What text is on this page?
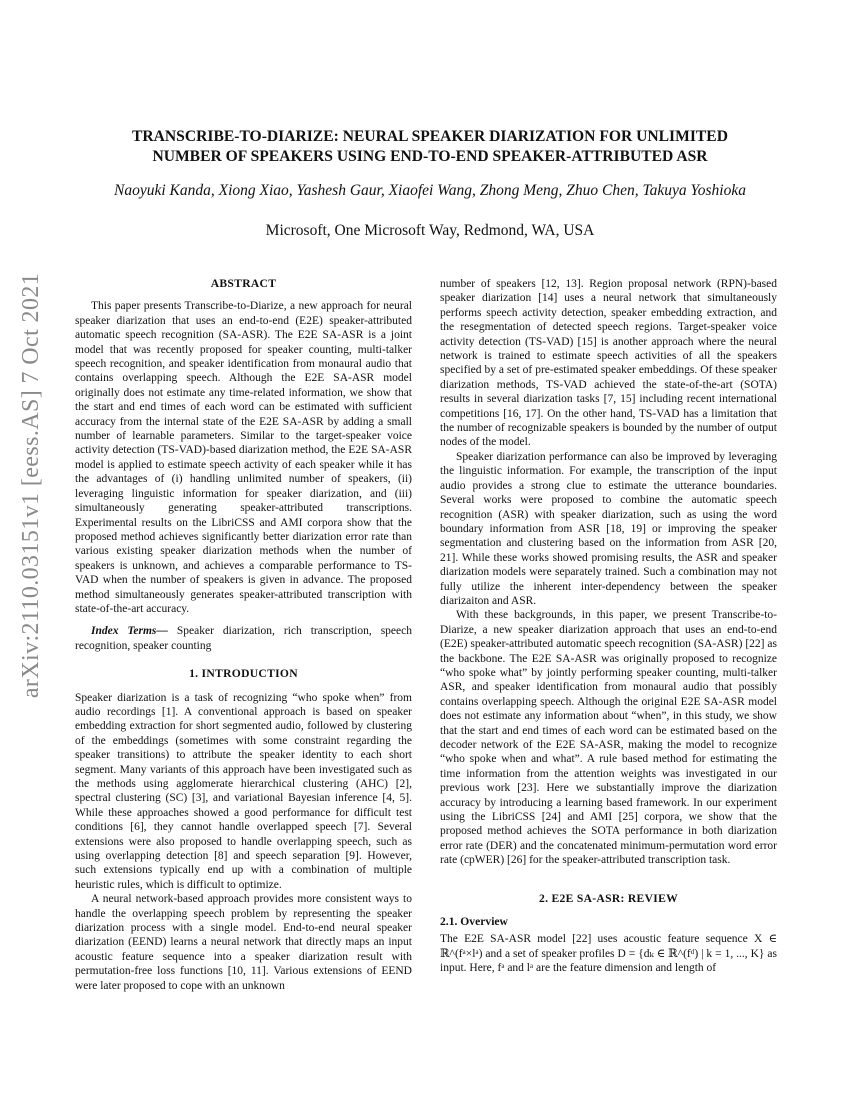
arXiv:2110.03151v1 [eess.AS] 7 Oct 2021
TRANSCRIBE-TO-DIARIZE: NEURAL SPEAKER DIARIZATION FOR UNLIMITED
NUMBER OF SPEAKERS USING END-TO-END SPEAKER-ATTRIBUTED ASR
Naoyuki Kanda, Xiong Xiao, Yashesh Gaur, Xiaofei Wang, Zhong Meng, Zhuo Chen, Takuya Yoshioka
Microsoft, One Microsoft Way, Redmond, WA, USA

ABSTRACT

This paper presents Transcribe-to-Diarize, a new approach for neural speaker diarization that uses an end-to-end (E2E) speaker-attributed automatic speech recognition (SA-ASR). The E2E SA-ASR is a joint model that was recently proposed for speaker counting, multi-talker speech recognition, and speaker identification from monaural audio that contains overlapping speech. Although the E2E SA-ASR model originally does not estimate any time-related information, we show that the start and end times of each word can be estimated with sufficient accuracy from the internal state of the E2E SA-ASR by adding a small number of learnable parameters. Similar to the target-speaker voice activity detection (TS-VAD)-based diarization method, the E2E SA-ASR model is applied to estimate speech activity of each speaker while it has the advantages of (i) handling unlimited number of speakers, (ii) leveraging linguistic information for speaker diarization, and (iii) simultaneously generating speaker-attributed transcriptions. Experimental results on the LibriCSS and AMI corpora show that the proposed method achieves significantly better diarization error rate than various existing speaker diarization methods when the number of speakers is unknown, and achieves a comparable performance to TS-VAD when the number of speakers is given in advance. The proposed method simultaneously generates speaker-attributed transcription with state-of-the-art accuracy.

Index Terms— Speaker diarization, rich transcription, speech recognition, speaker counting

1. INTRODUCTION

Speaker diarization is a task of recognizing “who spoke when” from audio recordings [1]. A conventional approach is based on speaker embedding extraction for short segmented audio, followed by clustering of the embeddings (sometimes with some constraint regarding the speaker transitions) to attribute the speaker identity to each short segment. Many variants of this approach have been investigated such as the methods using agglomerate hierarchical clustering (AHC) [2], spectral clustering (SC) [3], and variational Bayesian inference [4, 5]. While these approaches showed a good performance for difficult test conditions [6], they cannot handle overlapped speech [7]. Several extensions were also proposed to handle overlapping speech, such as using overlapping detection [8] and speech separation [9]. However, such extensions typically end up with a combination of multiple heuristic rules, which is difficult to optimize.

A neural network-based approach provides more consistent ways to handle the overlapping speech problem by representing the speaker diarization process with a single model. End-to-end neural speaker diarization (EEND) learns a neural network that directly maps an input acoustic feature sequence into a speaker diarization result with permutation-free loss functions [10, 11]. Various extensions of EEND were later proposed to cope with an unknown

number of speakers [12, 13]. Region proposal network (RPN)-based speaker diarization [14] uses a neural network that simultaneously performs speech activity detection, speaker embedding extraction, and the resegmentation of detected speech regions. Target-speaker voice activity detection (TS-VAD) [15] is another approach where the neural network is trained to estimate speech activities of all the speakers specified by a set of pre-estimated speaker embeddings. Of these speaker diarization methods, TS-VAD achieved the state-of-the-art (SOTA) results in several diarization tasks [7, 15] including recent international competitions [16, 17]. On the other hand, TS-VAD has a limitation that the number of recognizable speakers is bounded by the number of output nodes of the model.

Speaker diarization performance can also be improved by leveraging the linguistic information. For example, the transcription of the input audio provides a strong clue to estimate the utterance boundaries. Several works were proposed to combine the automatic speech recognition (ASR) with speaker diarization, such as using the word boundary information from ASR [18, 19] or improving the speaker segmentation and clustering based on the information from ASR [20, 21]. While these works showed promising results, the ASR and speaker diarization models were separately trained. Such a combination may not fully utilize the inherent inter-dependency between the speaker diarizaiton and ASR.

With these backgrounds, in this paper, we present Transcribe-to-Diarize, a new speaker diarization approach that uses an end-to-end (E2E) speaker-attributed automatic speech recognition (SA-ASR) [22] as the backbone. The E2E SA-ASR was originally proposed to recognize “who spoke what” by jointly performing speaker counting, multi-talker ASR, and speaker identification from monaural audio that possibly contains overlapping speech. Although the original E2E SA-ASR model does not estimate any information about “when”, in this study, we show that the start and end times of each word can be estimated based on the decoder network of the E2E SA-ASR, making the model to recognize “who spoke when and what”. A rule based method for estimating the time information from the attention weights was investigated in our previous work [23]. Here we substantially improve the diarization accuracy by introducing a learning based framework. In our experiment using the LibriCSS [24] and AMI [25] corpora, we show that the proposed method achieves the SOTA performance in both diarization error rate (DER) and the concatenated minimum-permutation word error rate (cpWER) [26] for the speaker-attributed transcription task.

2. E2E SA-ASR: REVIEW

2.1. Overview

The E2E SA-ASR model [22] uses acoustic feature sequence X ∈ ℝ^(fᵃ×lᵃ) and a set of speaker profiles D = {dₖ ∈ ℝ^(fᵈ) | k = 1, ..., K} as input. Here, fᵃ and lᵃ are the feature dimension and length of
